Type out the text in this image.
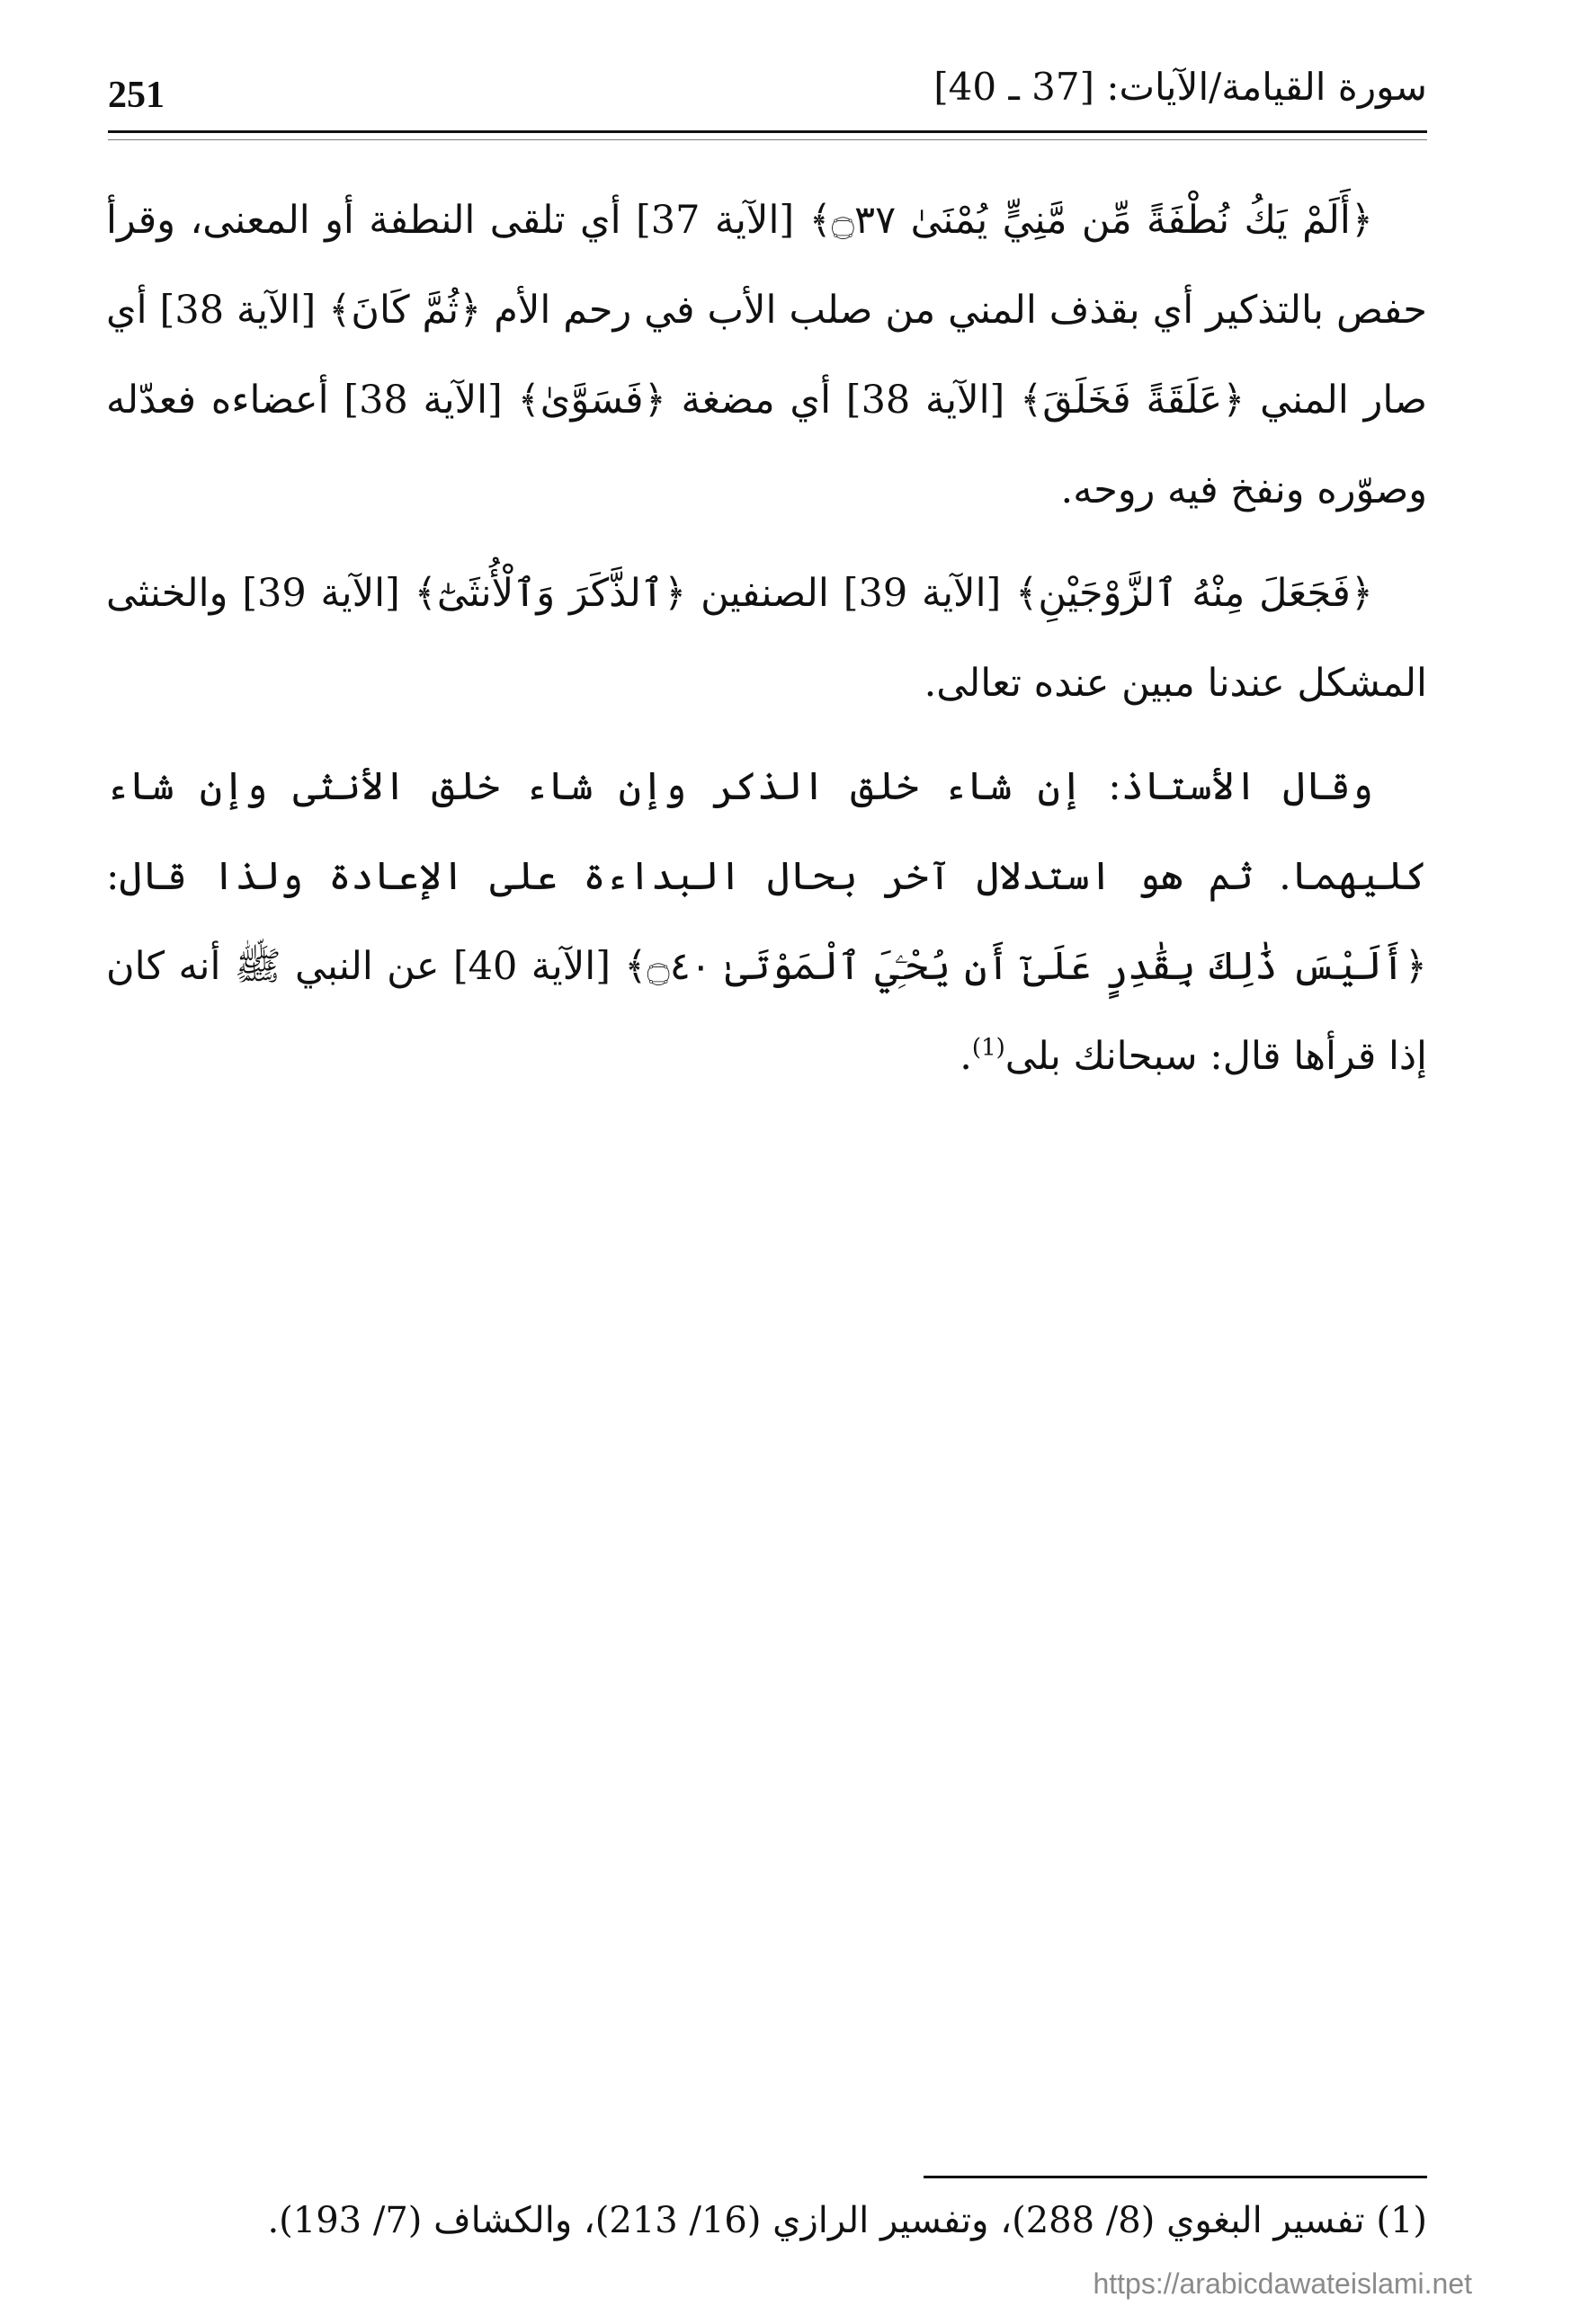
251	سورة القيامة/الآيات: [37 ـ 40]

﴿أَلَمْ يَكُ نُطْفَةً مِّن مَّنِيٍّ يُمْنَىٰ ۝٣٧﴾ [الآية 37] أي تلقى النطفة أو المعنى، وقرأ حفص بالتذكير أي بقذف المني من صلب الأب في رحم الأم ﴿ثُمَّ كَانَ﴾ [الآية 38] أي صار المني ﴿عَلَقَةً فَخَلَقَ﴾ [الآية 38] أي مضغة ﴿فَسَوَّىٰ﴾ [الآية 38] أعضاءه فعدّله وصوّره ونفخ فيه روحه.

﴿فَجَعَلَ مِنْهُ ٱلزَّوْجَيْنِ﴾ [الآية 39] الصنفين ﴿ٱلذَّكَرَ وَٱلْأُنثَىٰٓ﴾ [الآية 39] والخنثى المشكل عندنا مبين عنده تعالى.

وقال الأستاذ: إن شاء خلق الذكر وإن شاء خلق الأنثى وإن شاء كليهما. ثم هو استدلال آخر بحال البداءة على الإعادة ولذا قال: ﴿أَلَيْسَ ذَٰلِكَ بِقَٰدِرٍ عَلَىٰٓ أَن يُحْـِۧيَ ٱلْمَوْتَىٰ ۝٤٠﴾ [الآية 40] عن النبي ﷺ أنه كان إذا قرأها قال: سبحانك بلى$^{(1)}$.

(1) تفسير البغوي (8/ 288)، وتفسير الرازي (16/ 213)، والكشاف (7/ 193).
https://arabicdawateislami.net
